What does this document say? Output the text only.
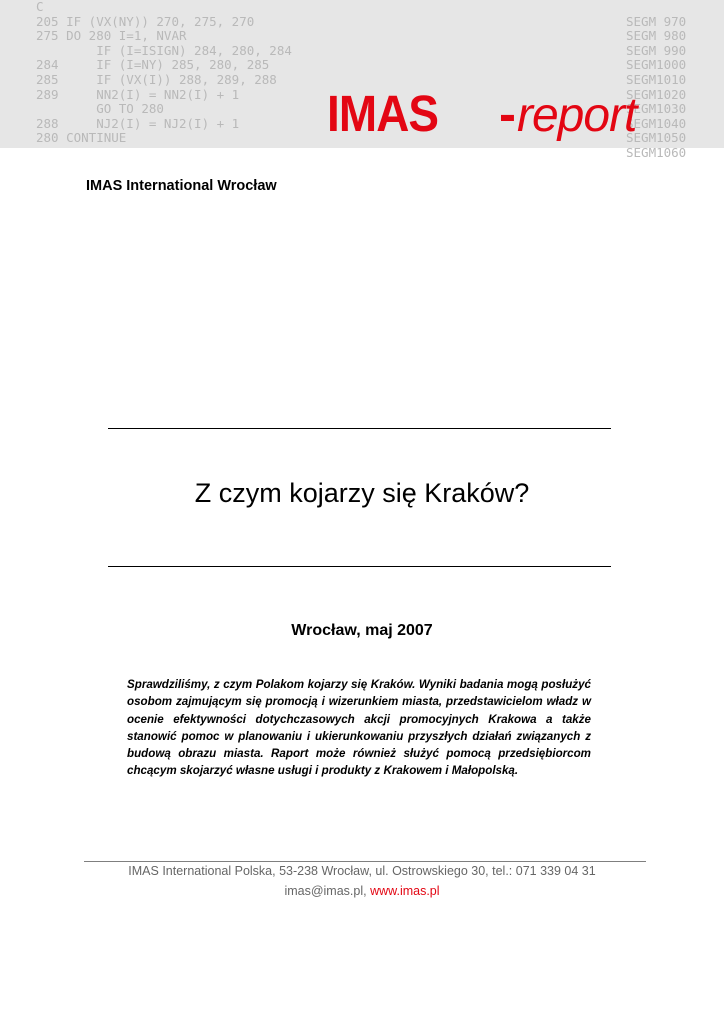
C
205 IF (VX(NY)) 270, 275, 270	SEGM 970
275 DO 280 I=1, NVAR	SEGM 980
IF (I=ISIGN) 284, 280, 284	SEGM 990
284     IF (I=NY) 285, 280, 285	SEGM1000
285     IF (VX(I)) 288, 289, 288	SEGM1010
289     NN2(I) = NN2(I) + 1	SEGM1020
GO TO 280	SEGM1030
288     NJ2(I) = NJ2(I) + 1	SEGM1040
280 CONTINUE	SEGM1050
SEGM1060
IMAS - report
IMAS International Wrocław
Z czym kojarzy się Kraków?
Wrocław, maj 2007
Sprawdziliśmy, z czym Polakom kojarzy się Kraków. Wyniki badania mogą posłużyć osobom zajmującym się promocją i wizerunkiem miasta, przedstawicielom władz w ocenie efektywności dotychczasowych akcji promocyjnych Krakowa a także stanowić pomoc w planowaniu i ukierunkowaniu przyszłych działań związanych z budową obrazu miasta. Raport może również służyć pomocą przedsiębiorcom chcącym skojarzyć własne usługi i produkty z Krakowem i Małopolską.
IMAS International Polska, 53-238 Wrocław, ul. Ostrowskiego 30, tel.: 071 339 04 31
imas@imas.pl, www.imas.pl
